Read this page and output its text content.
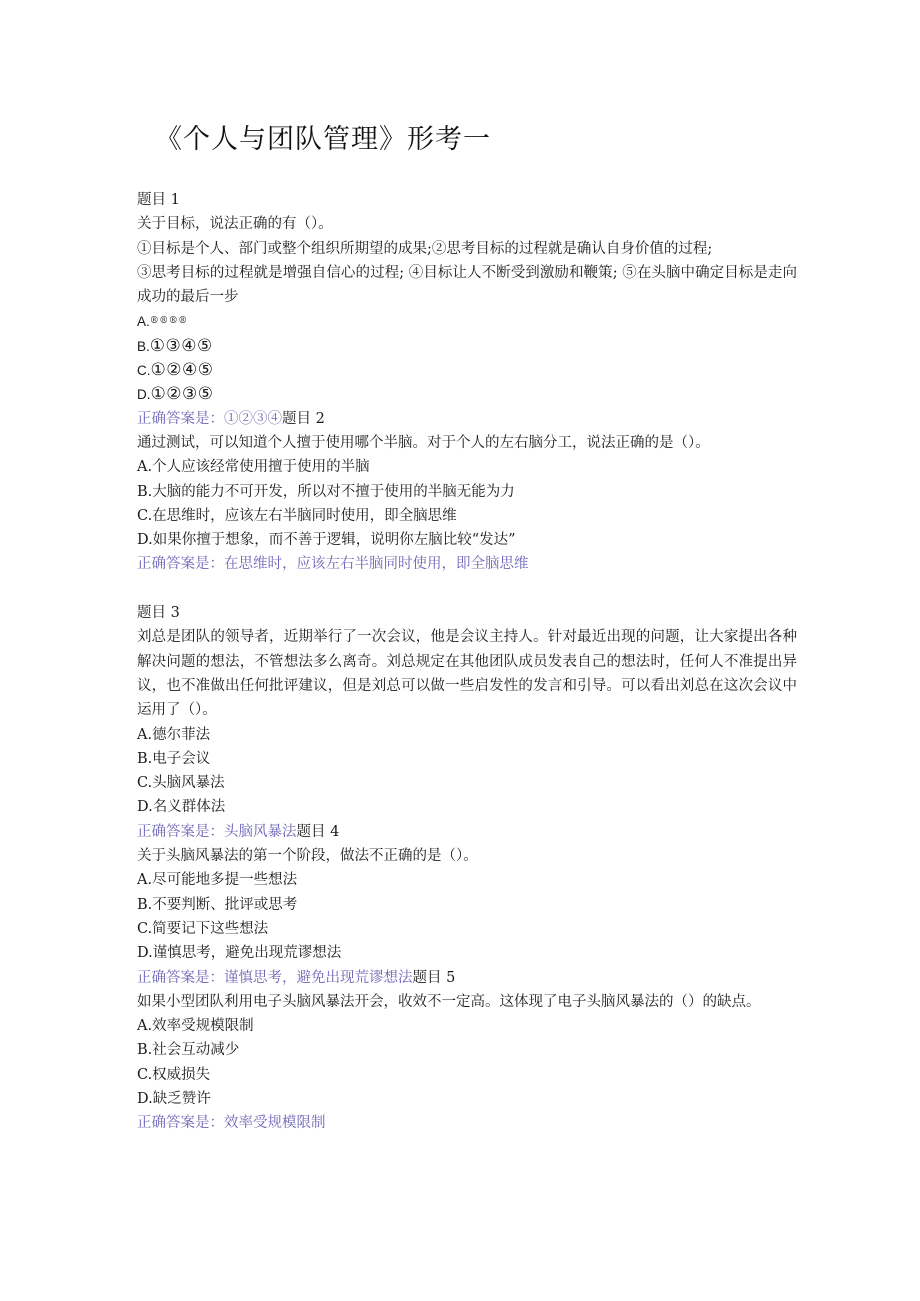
《个人与团队管理》形考一
题目 1
关于目标，说法正确的有（）。
①目标是个人、部门或整个组织所期望的成果;②思考目标的过程就是确认自身价值的过程;
③思考目标的过程就是增强自信心的过程; ④目标让人不断受到激励和鞭策; ⑤在头脑中确定目标是走向成功的最后一步
A.®®®®
B.①③④⑤
C.①②④⑤
D.①②③⑤
正确答案是：①②③④题目 2
通过测试，可以知道个人擅于使用哪个半脑。对于个人的左右脑分工，说法正确的是（）。
A.个人应该经常使用擅于使用的半脑
B.大脑的能力不可开发，所以对不擅于使用的半脑无能为力
C.在思维时，应该左右半脑同时使用，即全脑思维
D.如果你擅于想象，而不善于逻辑，说明你左脑比较“发达”
正确答案是：在思维时，应该左右半脑同时使用，即全脑思维
题目 3
刘总是团队的领导者，近期举行了一次会议，他是会议主持人。针对最近出现的问题，让大家提出各种解决问题的想法，不管想法多么离奇。刘总规定在其他团队成员发表自己的想法时，任何人不准提出异议，也不准做出任何批评建议，但是刘总可以做一些启发性的发言和引导。可以看出刘总在这次会议中运用了（）。
A.德尔菲法
B.电子会议
C.头脑风暴法
D.名义群体法
正确答案是：头脑风暴法题目 4
关于头脑风暴法的第一个阶段，做法不正确的是（）。
A.尽可能地多提一些想法
B.不要判断、批评或思考
C.简要记下这些想法
D.谨慎思考，避免出现荒谬想法
正确答案是：谨慎思考，避免出现荒谬想法题目 5
如果小型团队利用电子头脑风暴法开会，收效不一定高。这体现了电子头脑风暴法的（）的缺点。
A.效率受规模限制
B.社会互动减少
C.权威损失
D.缺乏赞许
正确答案是：效率受规模限制
